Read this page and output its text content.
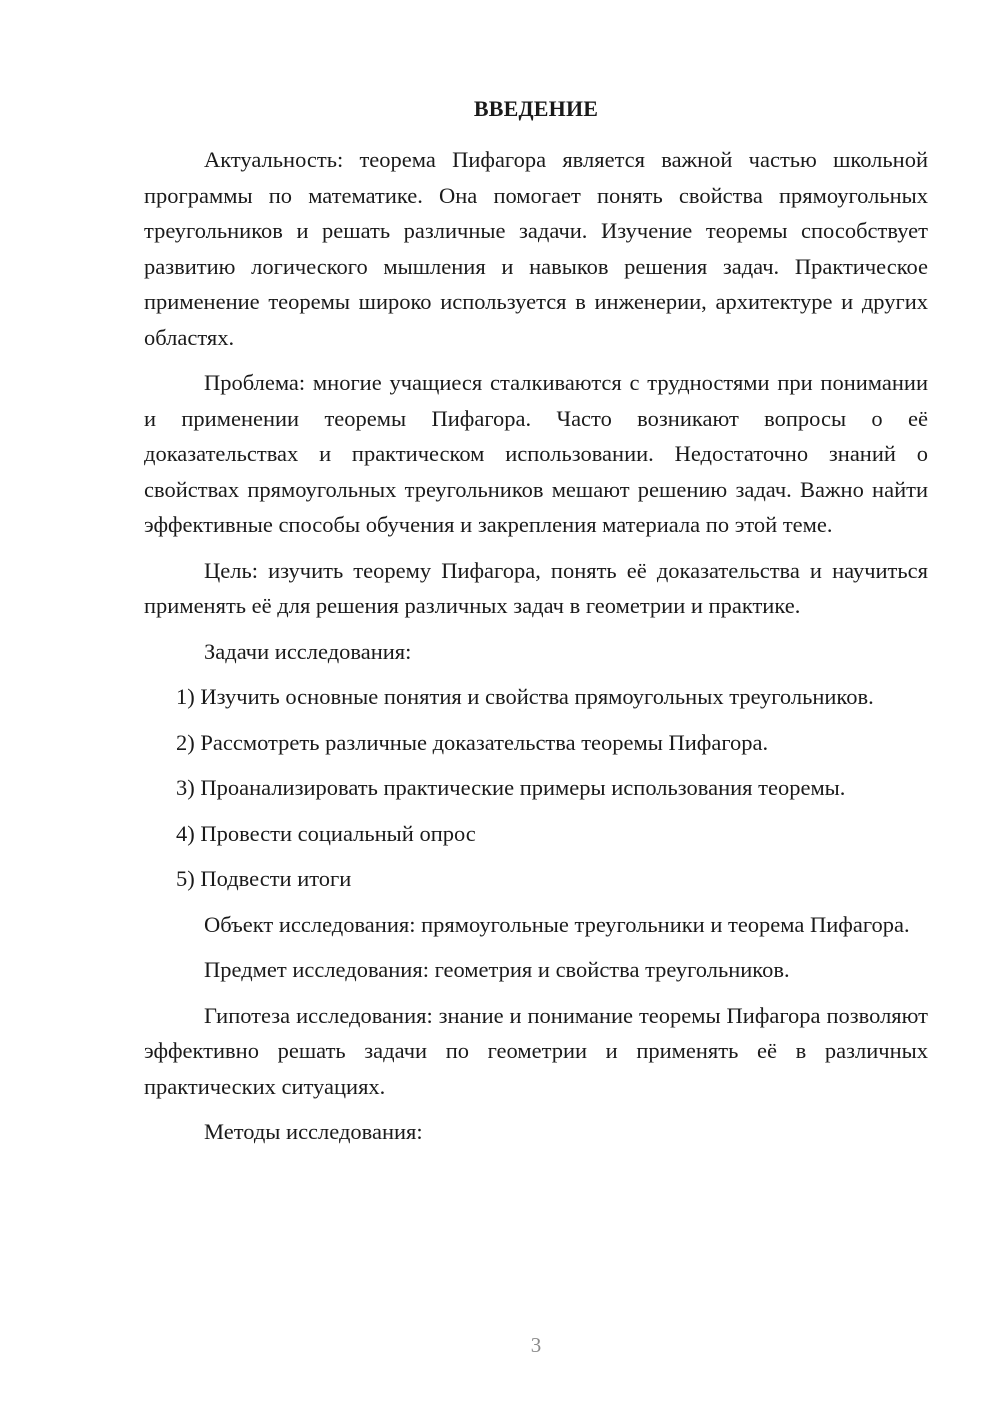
ВВЕДЕНИЕ

Актуальность: теорема Пифагора является важной частью школьной программы по математике. Она помогает понять свойства прямоугольных треугольников и решать различные задачи. Изучение теоремы способствует развитию логического мышления и навыков решения задач. Практическое применение теоремы широко используется в инженерии, архитектуре и других областях.

Проблема: многие учащиеся сталкиваются с трудностями при понимании и применении теоремы Пифагора. Часто возникают вопросы о её доказательствах и практическом использовании. Недостаточно знаний о свойствах прямоугольных треугольников мешают решению задач. Важно найти эффективные способы обучения и закрепления материала по этой теме.

Цель: изучить теорему Пифагора, понять её доказательства и научиться применять её для решения различных задач в геометрии и практике.

Задачи исследования:

1) Изучить основные понятия и свойства прямоугольных треугольников.

2) Рассмотреть различные доказательства теоремы Пифагора.

3) Проанализировать практические примеры использования теоремы.

4) Провести социальный опрос

5) Подвести итоги

Объект исследования: прямоугольные треугольники и теорема Пифагора.

Предмет исследования: геометрия и свойства треугольников.

Гипотеза исследования: знание и понимание теоремы Пифагора позволяют эффективно решать задачи по геометрии и применять её в различных практических ситуациях.

Методы исследования:

3
